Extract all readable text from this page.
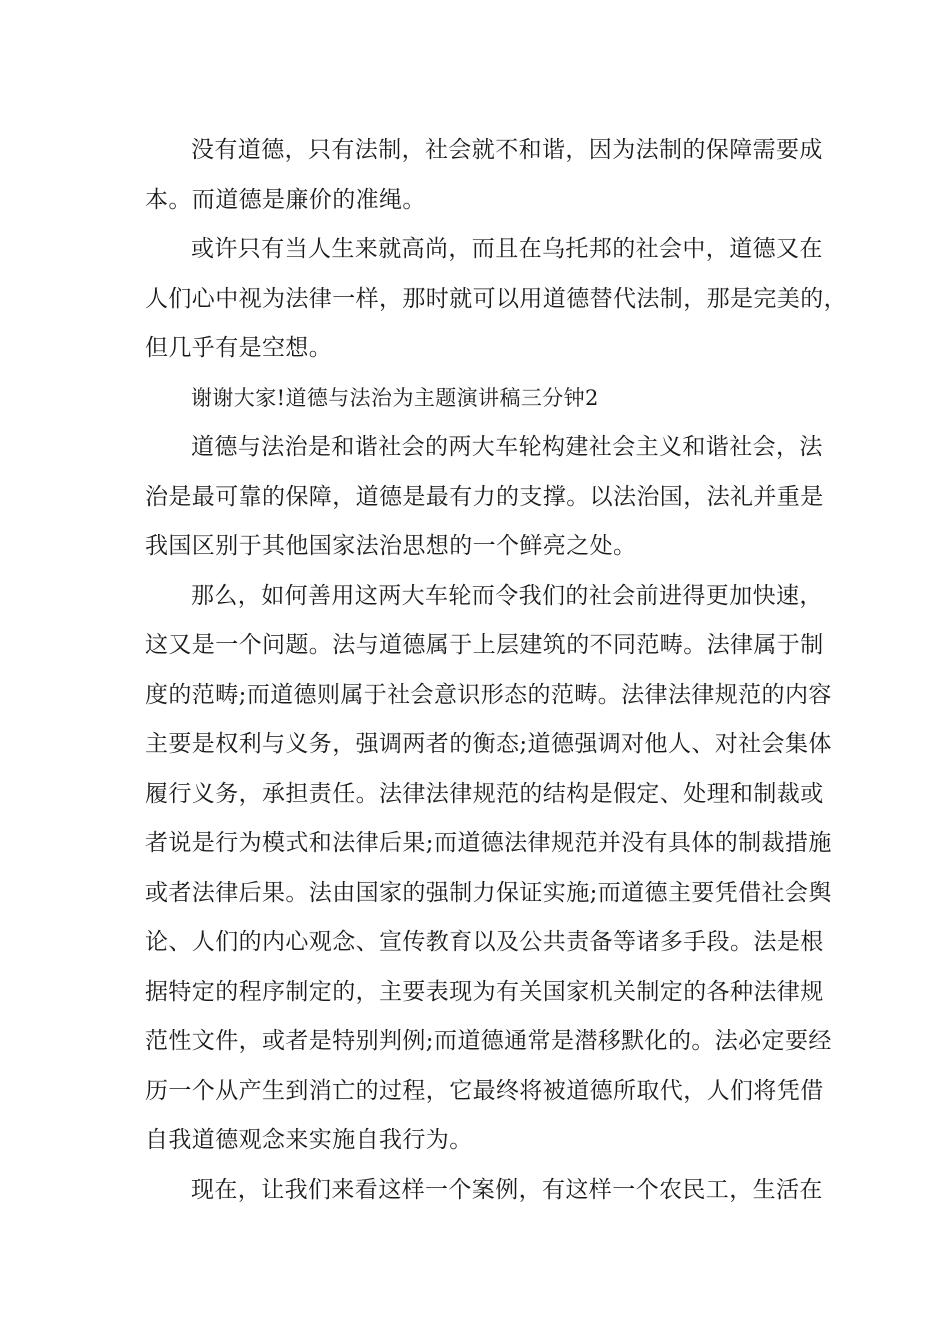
没有道德，只有法制，社会就不和谐，因为法制的保障需要成
本。而道德是廉价的准绳。

或许只有当人生来就高尚，而且在乌托邦的社会中，道德又在
人们心中视为法律一样，那时就可以用道德替代法制，那是完美的，
但几乎有是空想。

谢谢大家!道德与法治为主题演讲稿三分钟2

道德与法治是和谐社会的两大车轮构建社会主义和谐社会，法
治是最可靠的保障，道德是最有力的支撑。以法治国，法礼并重是
我国区别于其他国家法治思想的一个鲜亮之处。

那么，如何善用这两大车轮而令我们的社会前进得更加快速，
这又是一个问题。法与道德属于上层建筑的不同范畴。法律属于制
度的范畴;而道德则属于社会意识形态的范畴。法律法律规范的内容
主要是权利与义务，强调两者的衡态;道德强调对他人、对社会集体
履行义务，承担责任。法律法律规范的结构是假定、处理和制裁或
者说是行为模式和法律后果;而道德法律规范并没有具体的制裁措施
或者法律后果。法由国家的强制力保证实施;而道德主要凭借社会舆
论、人们的内心观念、宣传教育以及公共责备等诸多手段。法是根
据特定的程序制定的，主要表现为有关国家机关制定的各种法律规
范性文件，或者是特别判例;而道德通常是潜移默化的。法必定要经
历一个从产生到消亡的过程，它最终将被道德所取代，人们将凭借
自我道德观念来实施自我行为。

现在，让我们来看这样一个案例，有这样一个农民工，生活在
